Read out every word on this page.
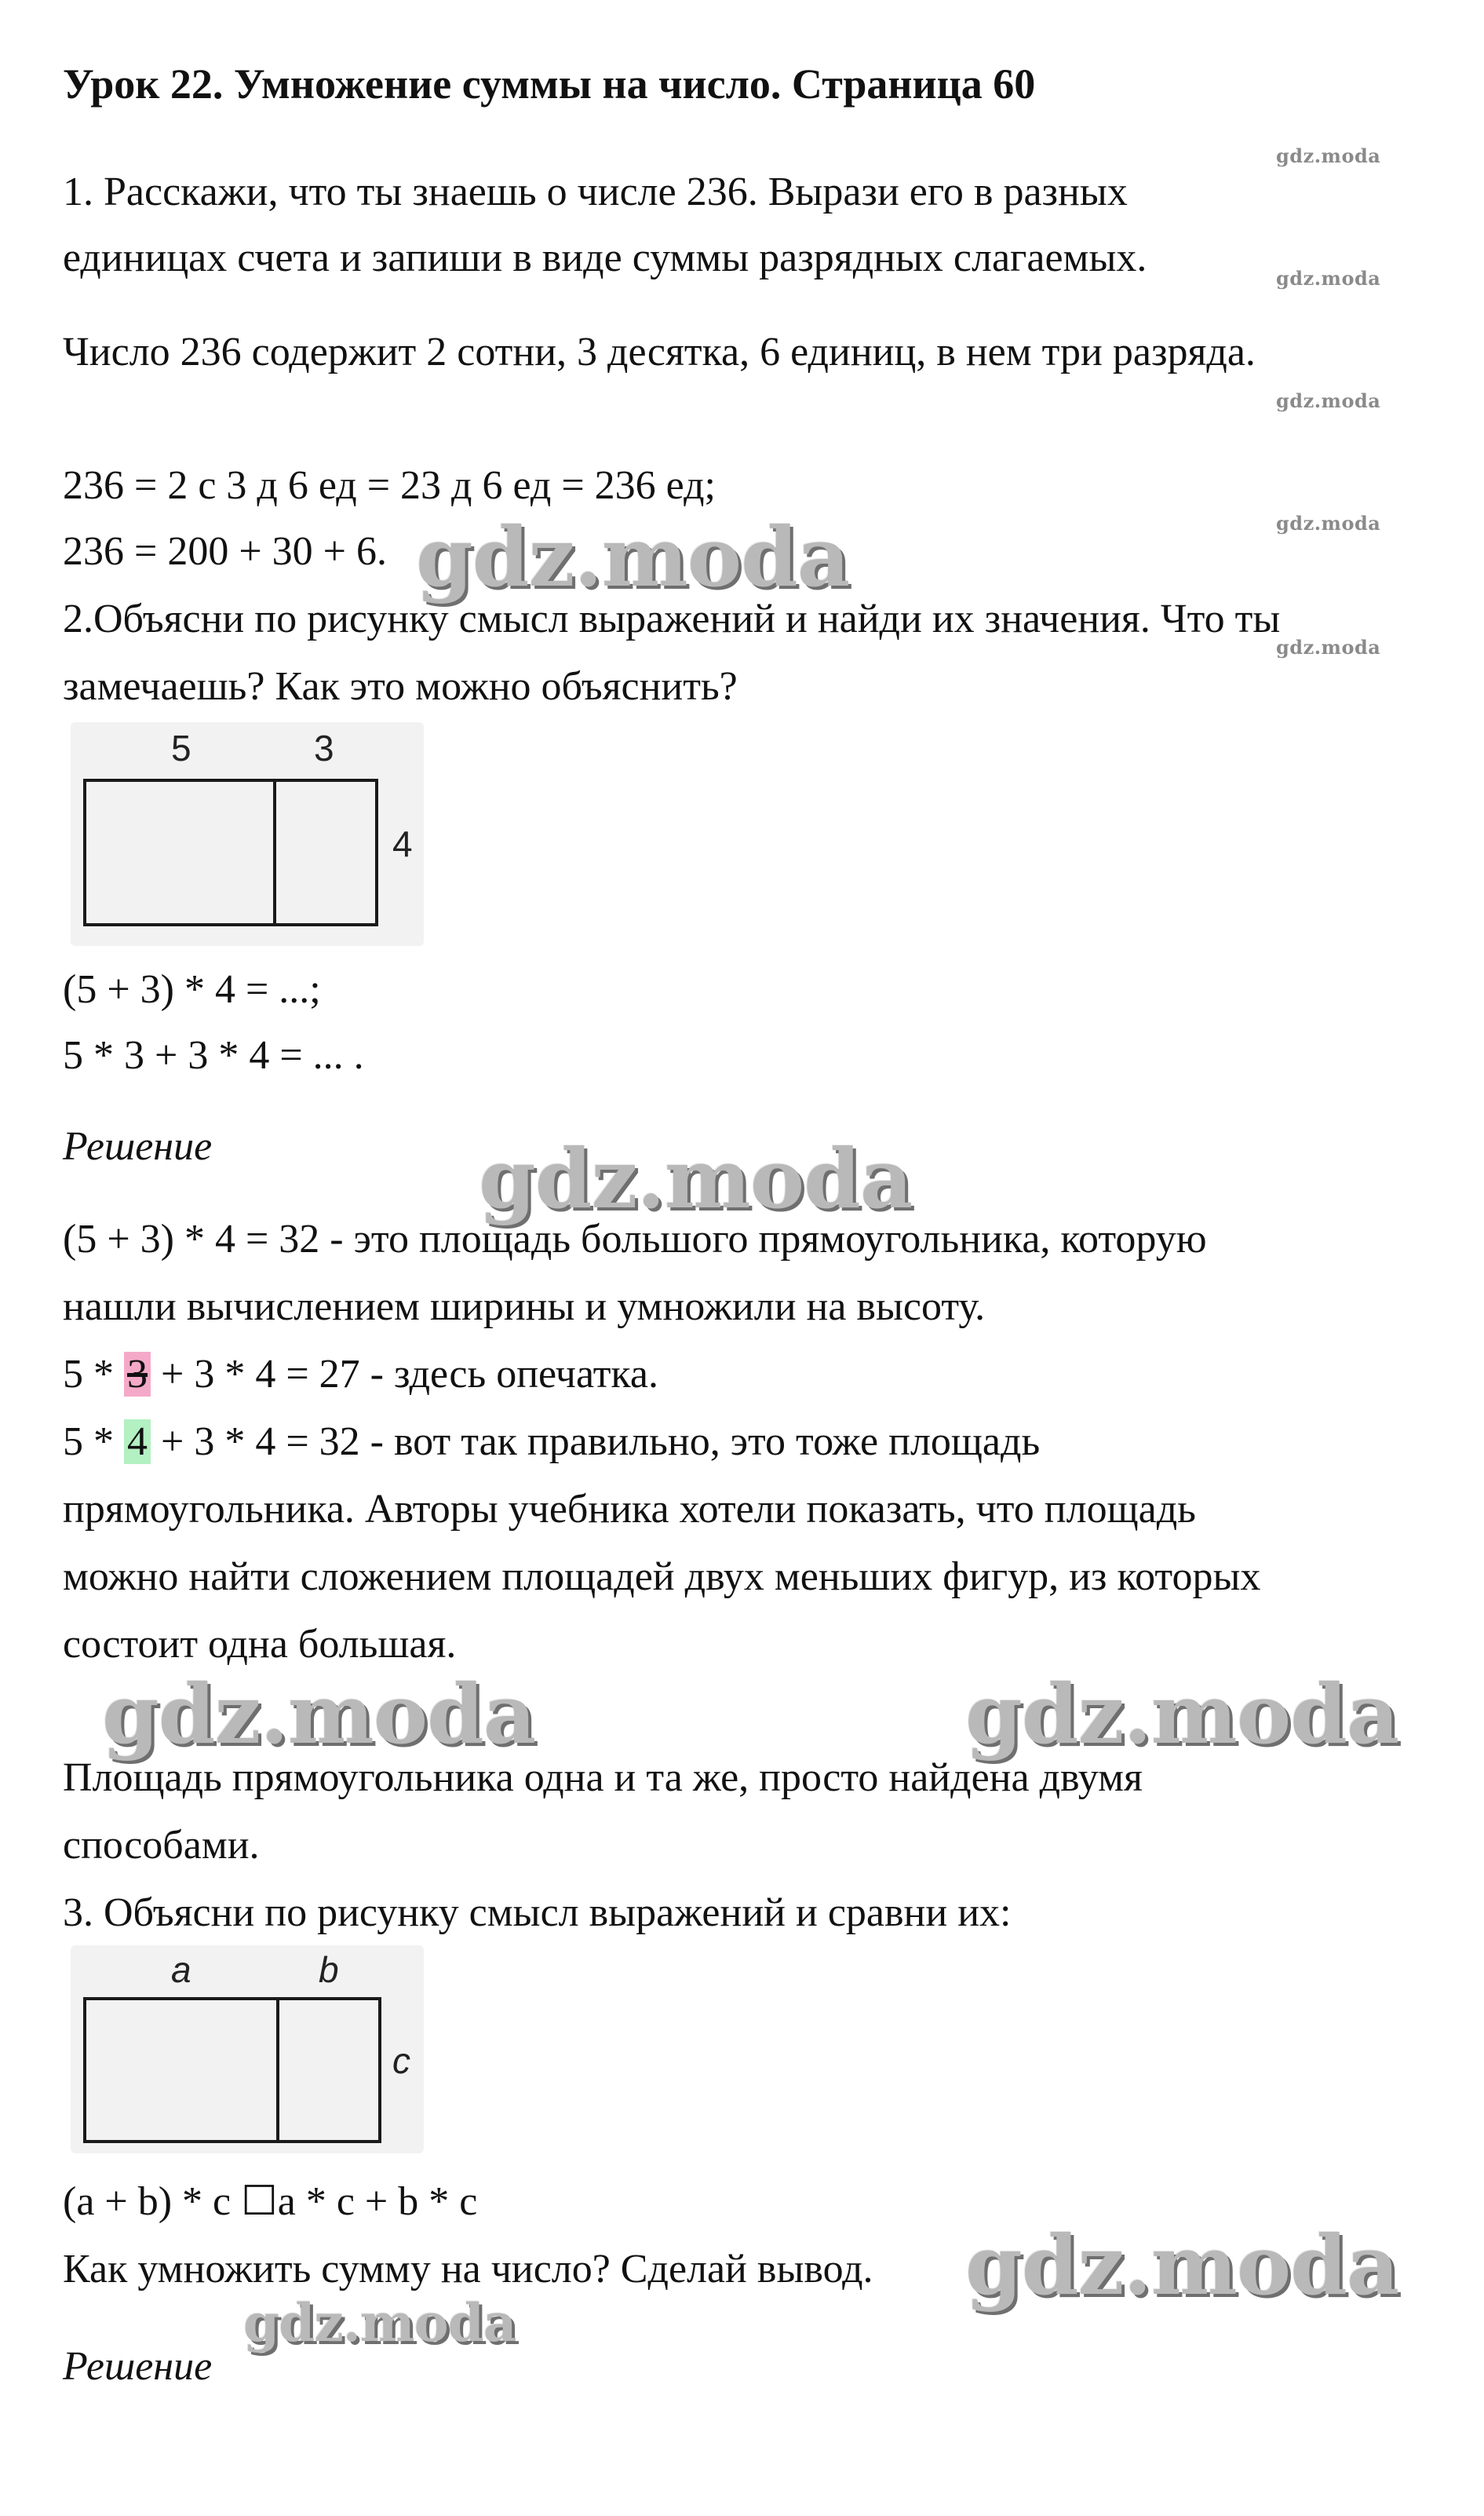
Урок 22. Умножение суммы на число. Страница 60
1. Расскажи, что ты знаешь о числе 236. Вырази его в разных
единицах счета и запиши в виде суммы разрядных слагаемых.
Число 236 содержит 2 сотни, 3 десятка, 6 единиц, в нем три разряда.
236 = 2 с 3 д 6 ед = 23 д 6 ед = 236 ед;
236 = 200 + 30 + 6.
2.Объясни по рисунку смысл выражений и найди их значения. Что ты
замечаешь? Как это можно объяснить?
5	3
4
(5 + 3) * 4 = ...;
5 * 3 + 3 * 4 = ... .
Решение
(5 + 3) * 4 = 32 - это площадь большого прямоугольника, которую
нашли вычислением ширины и умножили на высоту.
5 * 3 + 3 * 4 = 27 - здесь опечатка.
5 * 4 + 3 * 4 = 32 - вот так правильно, это тоже площадь
прямоугольника. Авторы учебника хотели показать, что площадь
можно найти сложением площадей двух меньших фигур, из которых
состоит одна большая.
Площадь прямоугольника одна и та же, просто найдена двумя
способами.
3. Объясни по рисунку смысл выражений и сравни их:
a	b
c
(a + b) * c ☐a * c + b * c
Как умножить сумму на число? Сделай вывод.
Решение
gdz.moda
gdz.moda
gdz.moda
gdz.moda
gdz.moda
gdz.moda
gdz.moda
gdz.moda	gdz.moda
gdz.moda
gdz.moda
